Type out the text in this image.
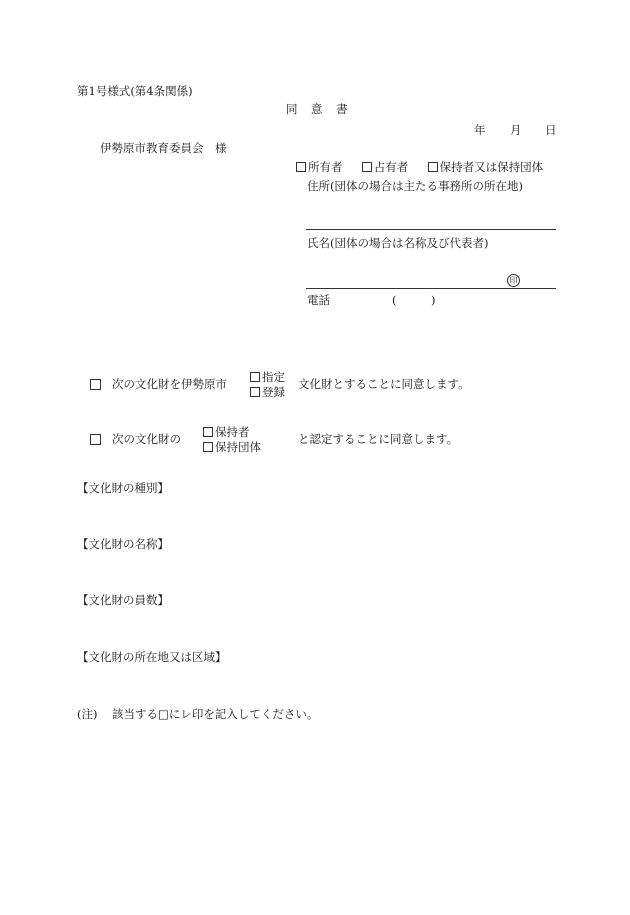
第1号様式(第4条関係)
同　意　書
年 月 日
伊勢原市教育委員会　様
所有者	占有者	保持者又は保持団体
住所(団体の場合は主たる事務所の所在地)
氏名(団体の場合は名称及び代表者)
印
電話	(　　　)
次の文化財を伊勢原市	指定
登録
文化財とすることに同意します。
次の文化財の	保持者
保持団体
と認定することに同意します。
【文化財の種別】
【文化財の名称】
【文化財の員数】
【文化財の所在地又は区域】
(注) 該当する□にレ印を記入してください。
